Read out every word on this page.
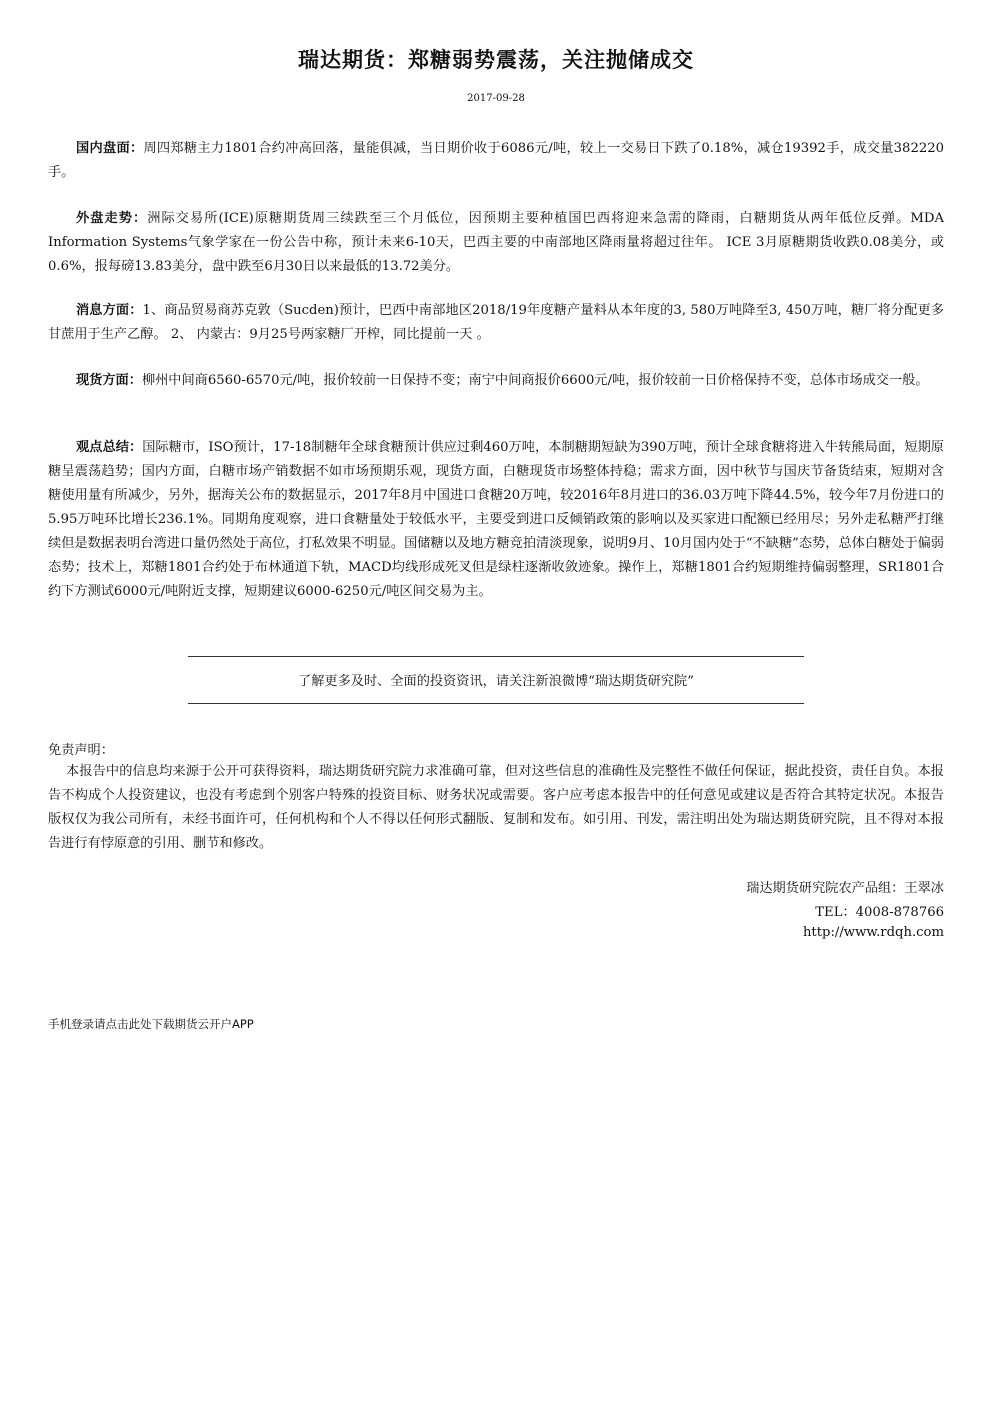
瑞达期货：郑糖弱势震荡，关注抛储成交
2017-09-28

国内盘面：周四郑糖主力1801合约冲高回落，量能俱减，当日期价收于6086元/吨，较上一交易日下跌了0.18%，减仓19392手，成交量382220手。

外盘走势：洲际交易所(ICE)原糖期货周三续跌至三个月低位，因预期主要种植国巴西将迎来急需的降雨，白糖期货从两年低位反弹。MDA Information Systems气象学家在一份公告中称，预计未来6-10天，巴西主要的中南部地区降雨量将超过往年。 ICE 3月原糖期货收跌0.08美分，或0.6%，报每磅13.83美分，盘中跌至6月30日以来最低的13.72美分。

消息方面：1、商品贸易商苏克敦（Sucden)预计，巴西中南部地区2018/19年度糖产量料从本年度的3, 580万吨降至3, 450万吨，糖厂将分配更多甘蔗用于生产乙醇。 2、 内蒙古：9月25号两家糖厂开榨，同比提前一天 。

现货方面：柳州中间商6560-6570元/吨，报价较前一日保持不变；南宁中间商报价6600元/吨，报价较前一日价格保持不变，总体市场成交一般。

观点总结：国际糖市，ISO预计，17-18制糖年全球食糖预计供应过剩460万吨，本制糖期短缺为390万吨，预计全球食糖将进入牛转熊局面，短期原糖呈震荡趋势；国内方面，白糖市场产销数据不如市场预期乐观，现货方面，白糖现货市场整体持稳；需求方面，因中秋节与国庆节备货结束，短期对含糖使用量有所减少，另外，据海关公布的数据显示，2017年8月中国进口食糖20万吨，较2016年8月进口的36.03万吨下降44.5%，较今年7月份进口的5.95万吨环比增长236.1%。同期角度观察，进口食糖量处于较低水平，主要受到进口反倾销政策的影响以及买家进口配额已经用尽；另外走私糖严打继续但是数据表明台湾进口量仍然处于高位，打私效果不明显。国储糖以及地方糖竞拍清淡现象，说明9月、10月国内处于“不缺糖”态势，总体白糖处于偏弱态势；技术上，郑糖1801合约处于布林通道下轨，MACD均线形成死叉但是绿柱逐渐收敛迹象。操作上，郑糖1801合约短期维持偏弱整理，SR1801合约下方测试6000元/吨附近支撑，短期建议6000-6250元/吨区间交易为主。

了解更多及时、全面的投资资讯，请关注新浪微博“瑞达期货研究院”
免责声明：

本报告中的信息均来源于公开可获得资料，瑞达期货研究院力求准确可靠，但对这些信息的准确性及完整性不做任何保证，据此投资，责任自负。本报告不构成个人投资建议，也没有考虑到个别客户特殊的投资目标、财务状况或需要。客户应考虑本报告中的任何意见或建议是否符合其特定状况。本报告版权仅为我公司所有，未经书面许可，任何机构和个人不得以任何形式翻版、复制和发布。如引用、刊发，需注明出处为瑞达期货研究院，且不得对本报告进行有悖原意的引用、删节和修改。

瑞达期货研究院农产品组：王翠冰
TEL：4008-878766
http://www.rdqh.com
手机登录请点击此处下载期货云开户APP
